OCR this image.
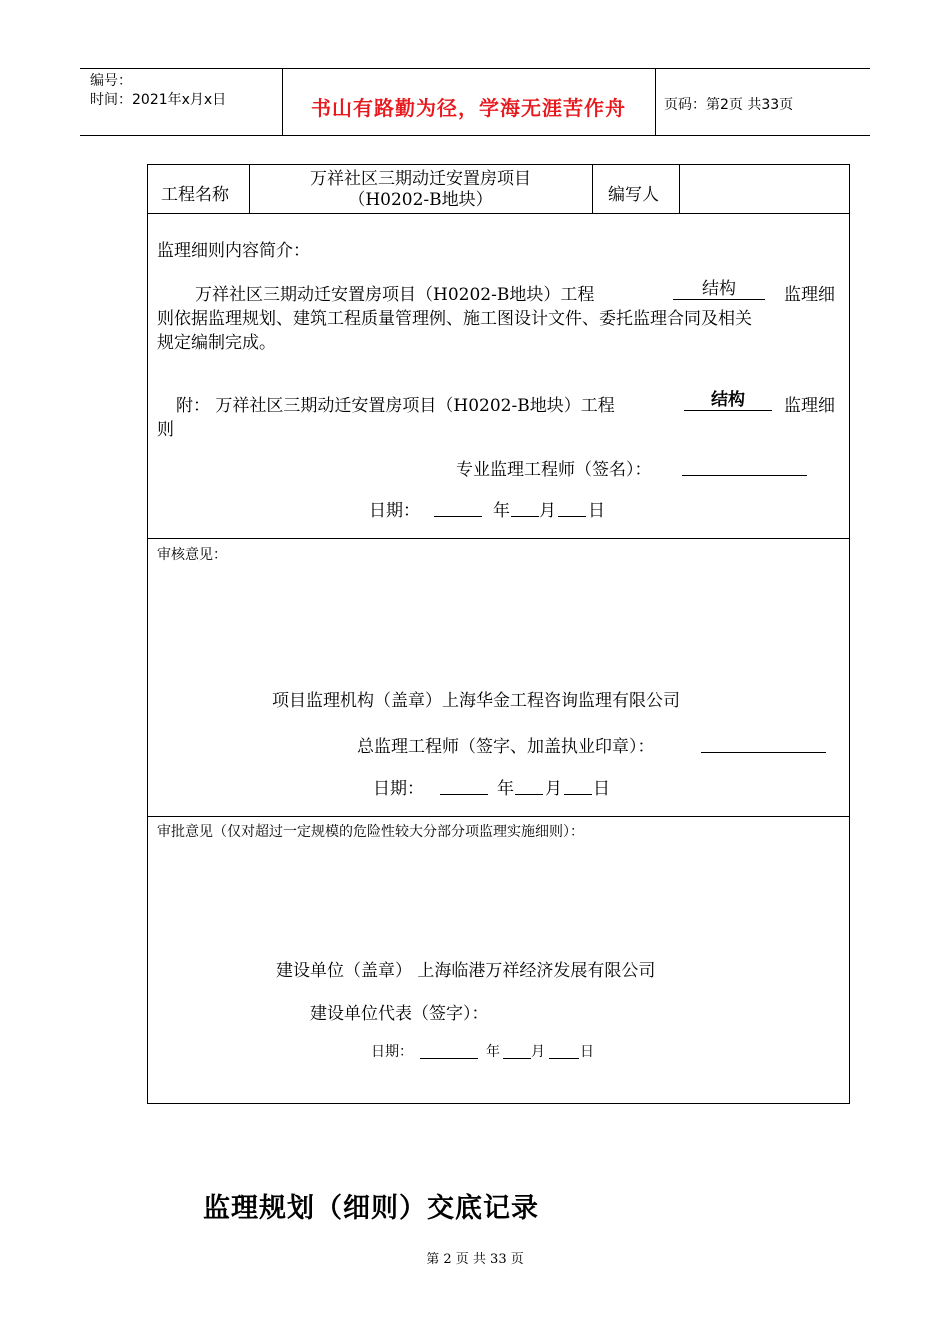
编号：
时间：2021年x月x日	书山有路勤为径，学海无涯苦作舟	页码：第2页 共33页
工程名称
万祥社区三期动迁安置房项目
（H0202-B地块）	编写人
监理细则内容简介：
万祥社区三期动迁安置房项目（H0202-B地块）工程	结构	监理细
则依据监理规划、建筑工程质量管理例、施工图设计文件、委托监理合同及相关
规定编制完成。
附： 万祥社区三期动迁安置房项目（H0202-B地块）工程	结构	监理细
则
专业监理工程师（签名）：
日期：	年 月 日
审核意见：
项目监理机构（盖章）上海华金工程咨询监理有限公司
总监理工程师（签字、加盖执业印章）：
日期：	年 月 日
审批意见（仅对超过一定规模的危险性较大分部分项监理实施细则）：
建设单位（盖章） 上海临港万祥经济发展有限公司
建设单位代表（签字）：
日期：	年 月	日
监理规划（细则）交底记录
第 2 页 共 33 页
